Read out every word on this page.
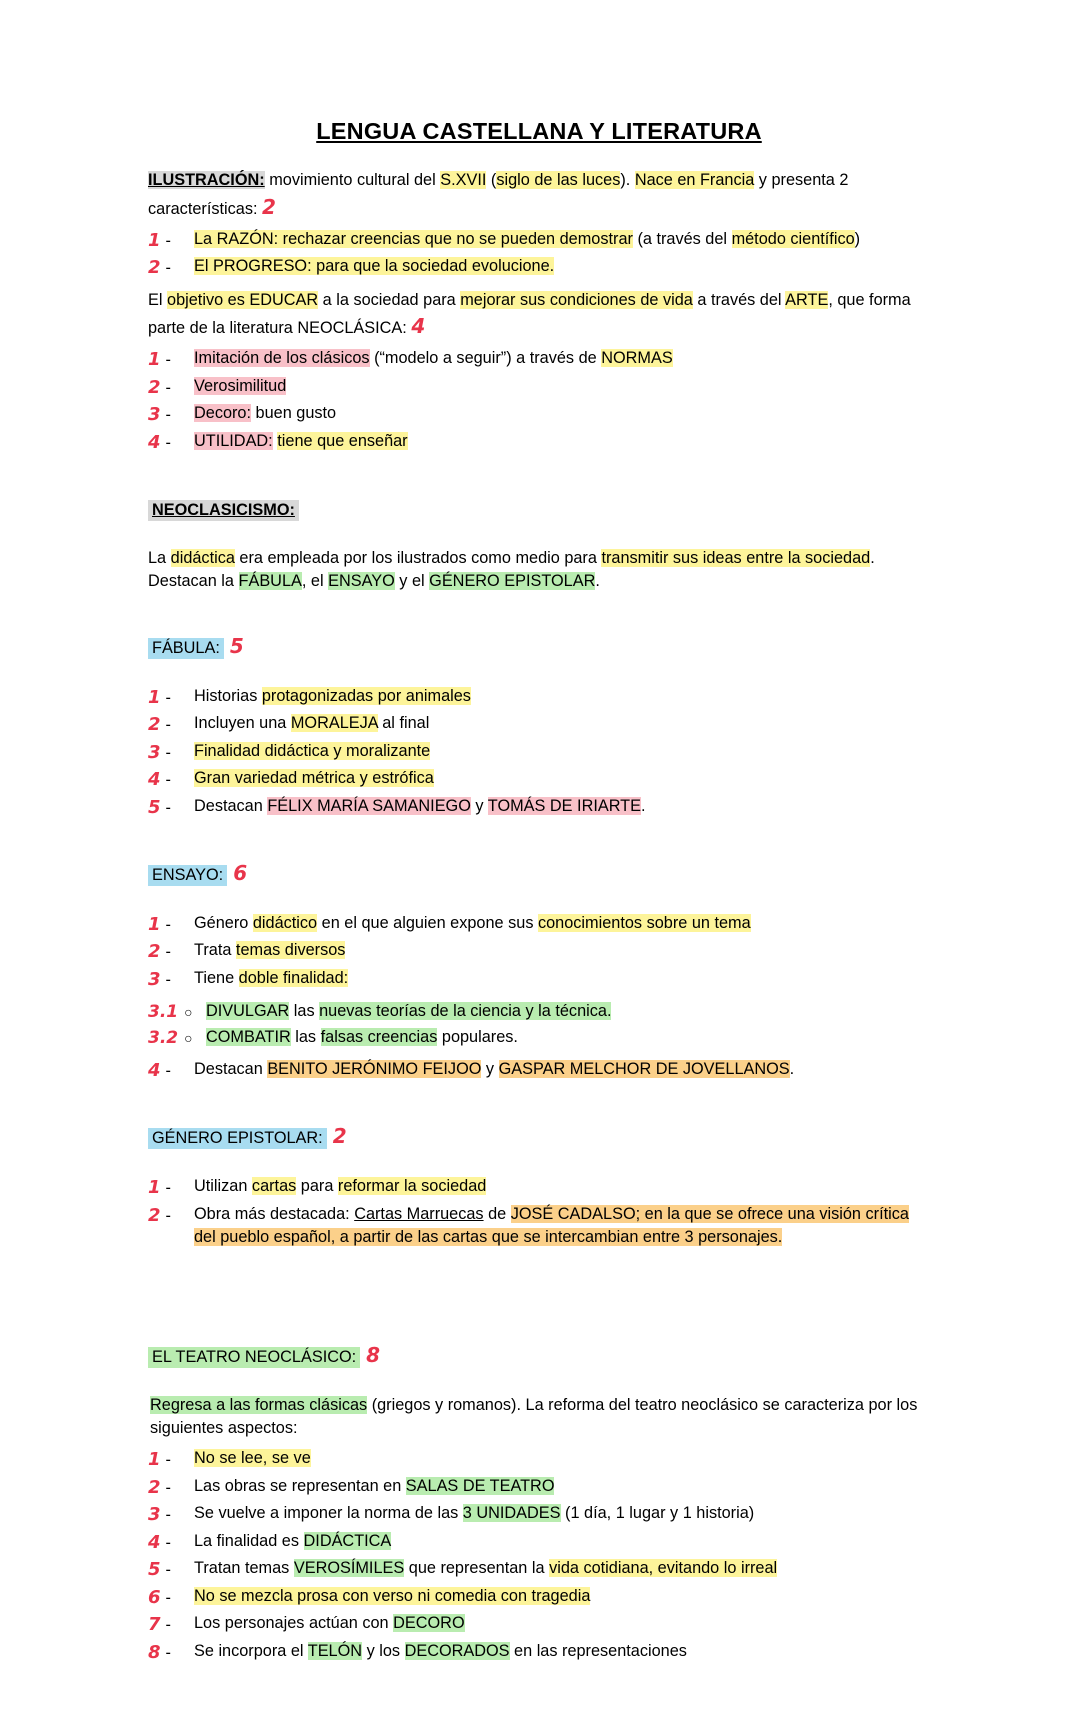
LENGUA CASTELLANA Y LITERATURA

ILUSTRACIÓN: movimiento cultural del S.XVII (siglo de las luces). Nace en Francia y presenta 2 características: 2

1 -	La RAZÓN: rechazar creencias que no se pueden demostrar (a través del método científico)
2 -	El PROGRESO: para que la sociedad evolucione.

El objetivo es EDUCAR a la sociedad para mejorar sus condiciones de vida a través del ARTE, que forma parte de la literatura NEOCLÁSICA: 4

1 -	Imitación de los clásicos (“modelo a seguir”) a través de NORMAS
2 -	Verosimilitud
3 -	Decoro: buen gusto
4 -	UTILIDAD: tiene que enseñar
NEOCLASICISMO:

La didáctica era empleada por los ilustrados como medio para transmitir sus ideas entre la sociedad. Destacan la FÁBULA, el ENSAYO y el GÉNERO EPISTOLAR.

FÁBULA: 5
1 -	Historias protagonizadas por animales
2 -	Incluyen una MORALEJA al final
3 -	Finalidad didáctica y moralizante
4 -	Gran variedad métrica y estrófica
5 -	Destacan FÉLIX MARÍA SAMANIEGO y TOMÁS DE IRIARTE.
ENSAYO: 6
1 -	Género didáctico en el que alguien expone sus conocimientos sobre un tema
2 -	Trata temas diversos
3 -	Tiene doble finalidad:
3.1 ○ DIVULGAR las nuevas teorías de la ciencia y la técnica.
3.2 ○ COMBATIR las falsas creencias populares.
4 -	Destacan BENITO JERÓNIMO FEIJOO y GASPAR MELCHOR DE JOVELLANOS.
GÉNERO EPISTOLAR: 2
1 -	Utilizan cartas para reformar la sociedad
2 -	Obra más destacada: Cartas Marruecas de JOSÉ CADALSO; en la que se ofrece una visión crítica del pueblo español, a partir de las cartas que se intercambian entre 3 personajes.
EL TEATRO NEOCLÁSICO: 8

Regresa a las formas clásicas (griegos y romanos). La reforma del teatro neoclásico se caracteriza por los siguientes aspectos:

1 -	No se lee, se ve
2 -	Las obras se representan en SALAS DE TEATRO
3 -	Se vuelve a imponer la norma de las 3 UNIDADES (1 día, 1 lugar y 1 historia)
4 -	La finalidad es DIDÁCTICA
5 -	Tratan temas VEROSÍMILES que representan la vida cotidiana, evitando lo irreal
6 -	No se mezcla prosa con verso ni comedia con tragedia
7 -	Los personajes actúan con DECORO
8 -	Se incorpora el TELÓN y los DECORADOS en las representaciones
